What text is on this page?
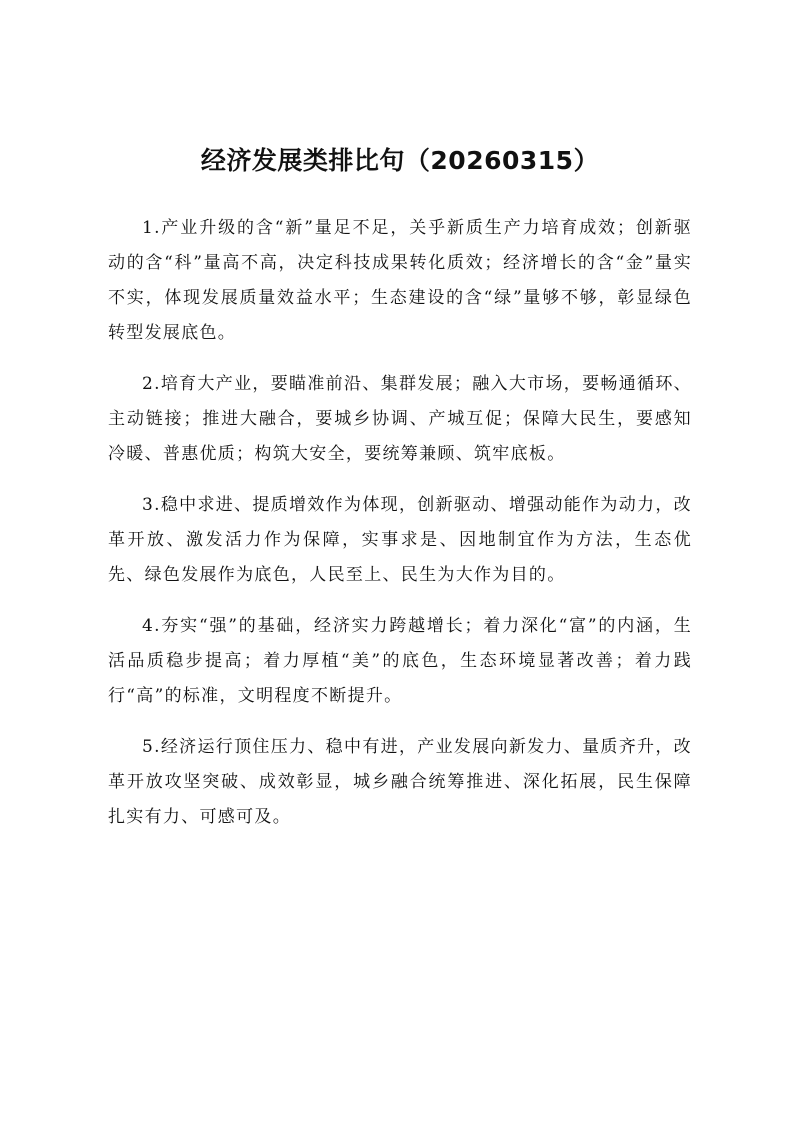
经济发展类排比句（20260315）

1.产业升级的含“新”量足不足，关乎新质生产力培育成效；创新驱动的含“科”量高不高，决定科技成果转化质效；经济增长的含“金”量实不实，体现发展质量效益水平；生态建设的含“绿”量够不够，彰显绿色转型发展底色。

2.培育大产业，要瞄准前沿、集群发展；融入大市场，要畅通循环、主动链接；推进大融合，要城乡协调、产城互促；保障大民生，要感知冷暖、普惠优质；构筑大安全，要统筹兼顾、筑牢底板。

3.稳中求进、提质增效作为体现，创新驱动、增强动能作为动力，改革开放、激发活力作为保障，实事求是、因地制宜作为方法，生态优先、绿色发展作为底色，人民至上、民生为大作为目的。

4.夯实“强”的基础，经济实力跨越增长；着力深化“富”的内涵，生活品质稳步提高；着力厚植“美”的底色，生态环境显著改善；着力践行“高”的标准，文明程度不断提升。

5.经济运行顶住压力、稳中有进，产业发展向新发力、量质齐升，改革开放攻坚突破、成效彰显，城乡融合统筹推进、深化拓展，民生保障扎实有力、可感可及。
